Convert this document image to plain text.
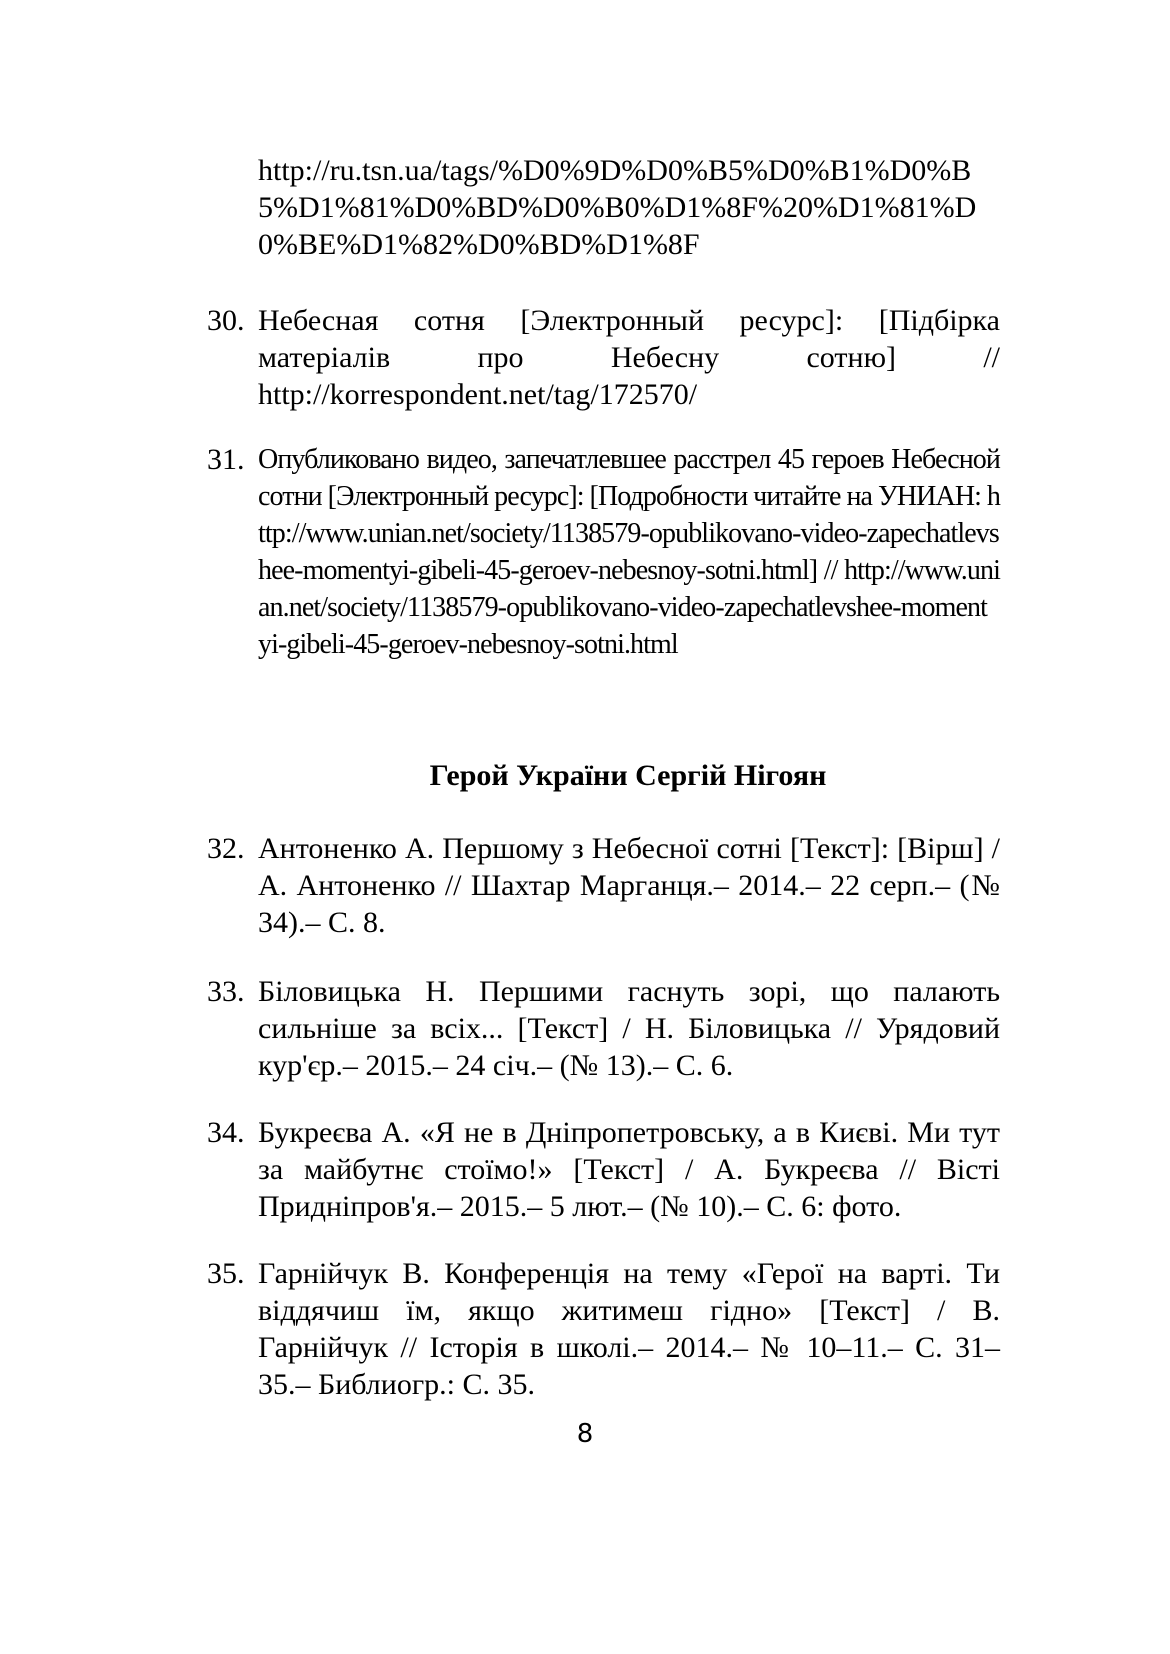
http://ru.tsn.ua/tags/%D0%9D%D0%B5%D0%B1%D0%B5%D1%81%D0%BD%D0%B0%D1%8F%20%D1%81%D0%BE%D1%82%D0%BD%D1%8F
30. Небесная сотня [Электронный ресурс]: [Підбірка матеріалів про Небесну сотню] // http://korrespondent.net/tag/172570/
31. Опубликовано видео, запечатлевшее расстрел 45 героев Небесной сотни [Электронный ресурс]: [Подробности читайте на УНИАН: http://www.unian.net/society/1138579-opublikovano-video-zapechatlevshee-momentyi-gibeli-45-geroev-nebesnoy-sotni.html] // http://www.unian.net/society/1138579-opublikovano-video-zapechatlevshee-momentyi-gibeli-45-geroev-nebesnoy-sotni.html
Герой України Сергій Нігоян
32. Антоненко А. Першому з Небесної сотні [Текст]: [Вірш] / А. Антоненко // Шахтар Марганця.– 2014.– 22 серп.– (№ 34).– С. 8.
33. Біловицька Н. Першими гаснуть зорі, що палають сильніше за всіх... [Текст] / Н. Біловицька // Урядовий кур'єр.– 2015.– 24 січ.– (№ 13).– С. 6.
34. Букреєва А. «Я не в Дніпропетровську, а в Києві. Ми тут за майбутнє стоїмо!» [Текст] / А. Букреєва // Вісті Придніпров'я.– 2015.– 5 лют.– (№ 10).– С. 6: фото.
35. Гарнійчук В. Конференція на тему «Герої на варті. Ти віддячиш їм, якщо житимеш гідно» [Текст] / В. Гарнійчук // Історія в школі.– 2014.– № 10–11.– С. 31–35.– Библиогр.: С. 35.
8
